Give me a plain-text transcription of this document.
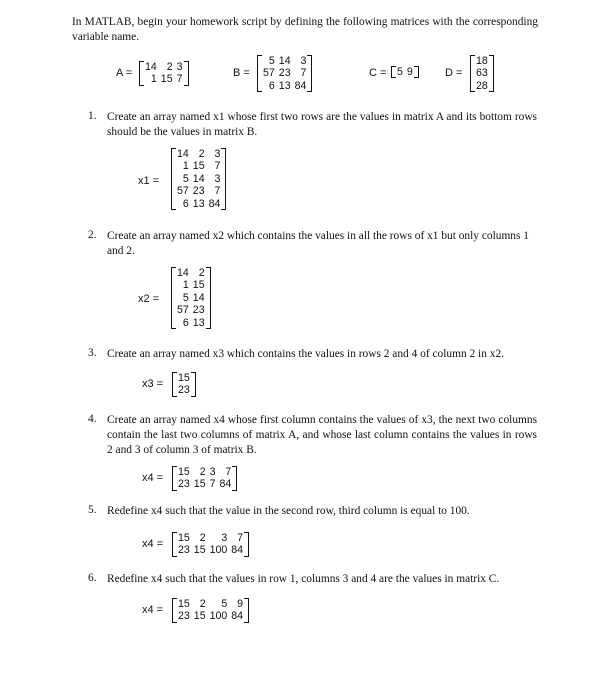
In MATLAB, begin your homework script by defining the following matrices with the corresponding variable name.
A = 14	2	3
1	15	7
B =
5	14	3
57	23	7
6	13	84
C = 5	9	D =
18
63
28
1. Create an array named x1 whose first two rows are the values in matrix A and its bottom rows should be the values in matrix B.
x1 =
14	2	3
1	15	7
5	14	3
57	23	7
6	13	84
2. Create an array named x2 which contains the values in all the rows of x1 but only columns 1 and 2.
x2 =
14	2
1	15
5	14
57	23
6	13
3. Create an array named x3 which contains the values in rows 2 and 4 of column 2 in x2.
x3 = 15
23
4. Create an array named x4 whose first column contains the values of x3, the next two columns contain the last two columns of matrix A, and whose last column contains the values in rows 2 and 3 of column 3 of matrix B.
x4 = 15	2	3	7
23	15	7	84
5. Redefine x4 such that the value in the second row, third column is equal to 100.
x4 = 15	2	3	7
23	15	100	84
6. Redefine x4 such that the values in row 1, columns 3 and 4 are the values in matrix C.
x4 = 15	2	5	9
23	15	100	84
